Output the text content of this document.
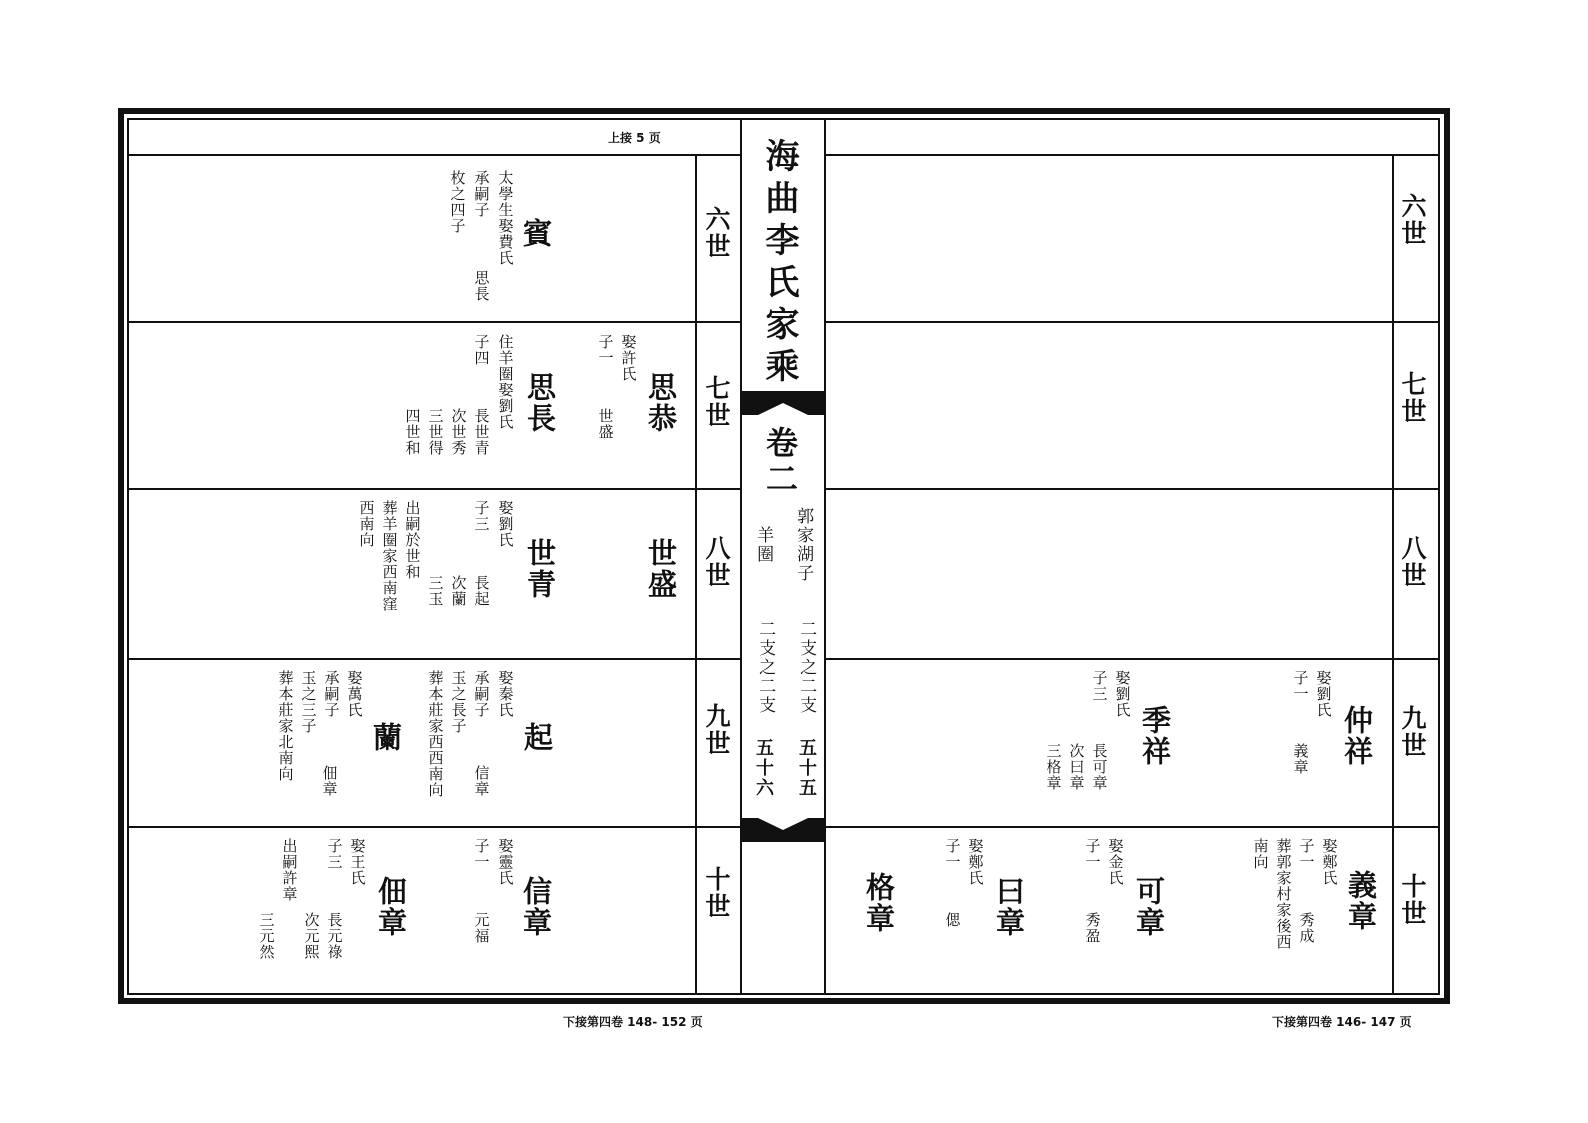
上接 5 页
下接第四卷 148- 152 页	下接第四卷 146- 147 页
海曲李氏家乘
卷二
郭家湖子
羊圈
二支之二支
二支之二支
五十五
五十六
六世
七世
八世
九世
十世
六世
七世
八世
九世
十世
賓
太學生娶費氏
承嗣子
枚之四子
思長
思恭
娶許氏
子一
世盛
思長
住羊圈娶劉氏
子四
長世青
次世秀
三世得
四世和
世盛
世青
娶劉氏
子三
長起
次蘭
三玉
出嗣於世和
葬羊圈家西南窪
西南向
起
娶秦氏
承嗣子
信章
玉之長子
葬本莊家西西南向
蘭
娶萬氏
承嗣子
佃章
玉之三子
葬本莊家北南向
信章
娶靈氏
子一
元福
佃章
娶王氏
子三
出嗣許章
長元祿
次元熙
三元然
仲祥
娶劉氏
子一
義章
季祥
娶劉氏
子三
長可章
次曰章
三格章
義章
娶鄭氏
子一
秀成
葬郭家村家後西
南向
可章
娶金氏
子一
秀盈
曰章
娶鄭氏
子一
偲
格章
